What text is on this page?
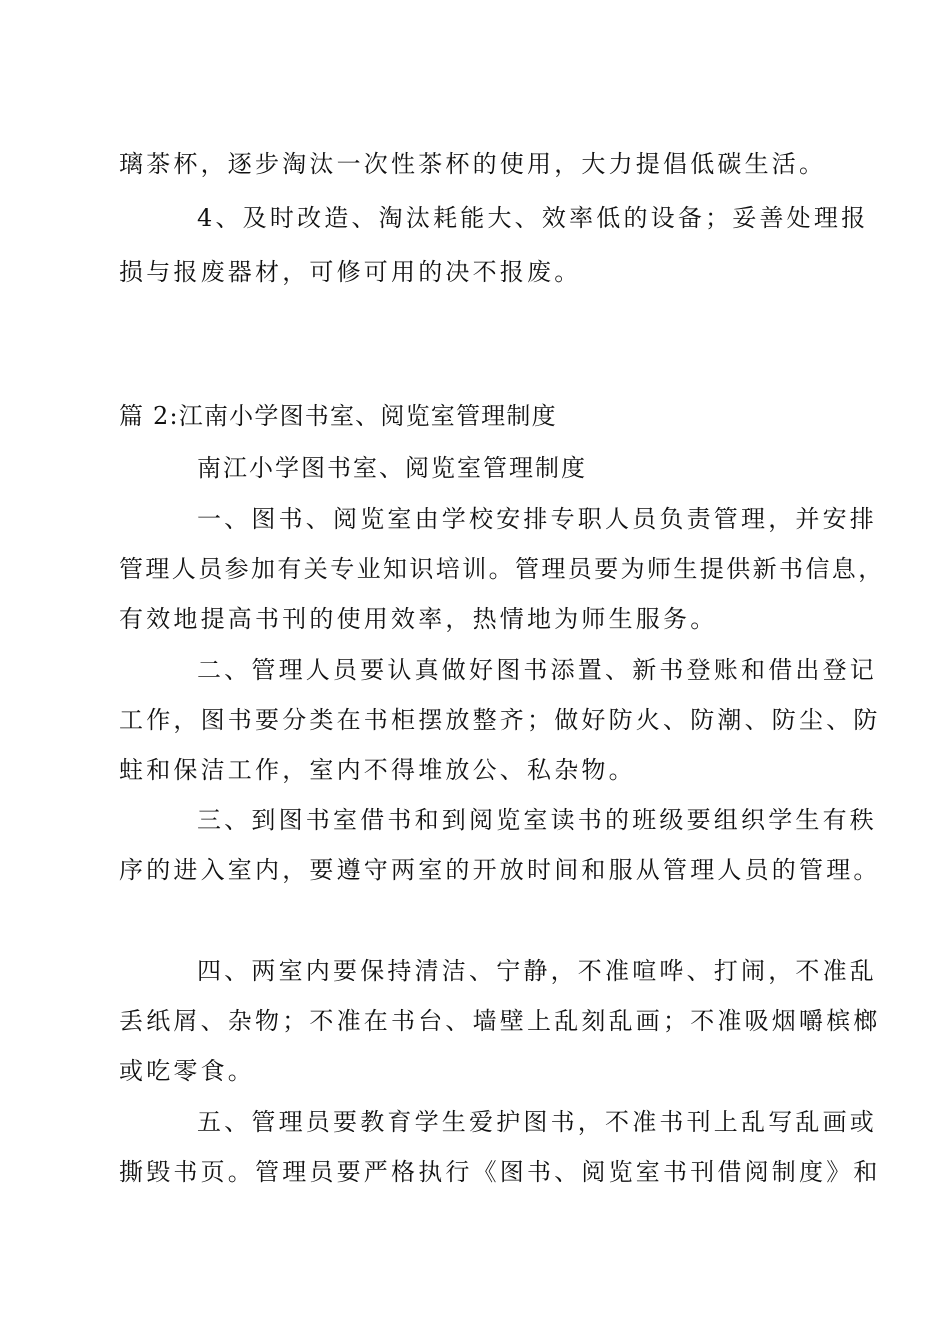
璃茶杯，逐步淘汰一次性茶杯的使用，大力提倡低碳生活。
4、及时改造、淘汰耗能大、效率低的设备；妥善处理报
损与报废器材，可修可用的决不报废。
篇 2:江南小学图书室、阅览室管理制度
南江小学图书室、阅览室管理制度
一、图书、阅览室由学校安排专职人员负责管理，并安排
管理人员参加有关专业知识培训。管理员要为师生提供新书信息，
有效地提高书刊的使用效率，热情地为师生服务。
二、管理人员要认真做好图书添置、新书登账和借出登记
工作，图书要分类在书柜摆放整齐；做好防火、防潮、防尘、防
蛀和保洁工作，室内不得堆放公、私杂物。
三、到图书室借书和到阅览室读书的班级要组织学生有秩
序的进入室内，要遵守两室的开放时间和服从管理人员的管理。
四、两室内要保持清洁、宁静，不准喧哗、打闹，不准乱
丢纸屑、杂物；不准在书台、墙壁上乱刻乱画；不准吸烟嚼槟榔
或吃零食。
五、管理员要教育学生爱护图书，不准书刊上乱写乱画或
撕毁书页。管理员要严格执行《图书、阅览室书刊借阅制度》和
